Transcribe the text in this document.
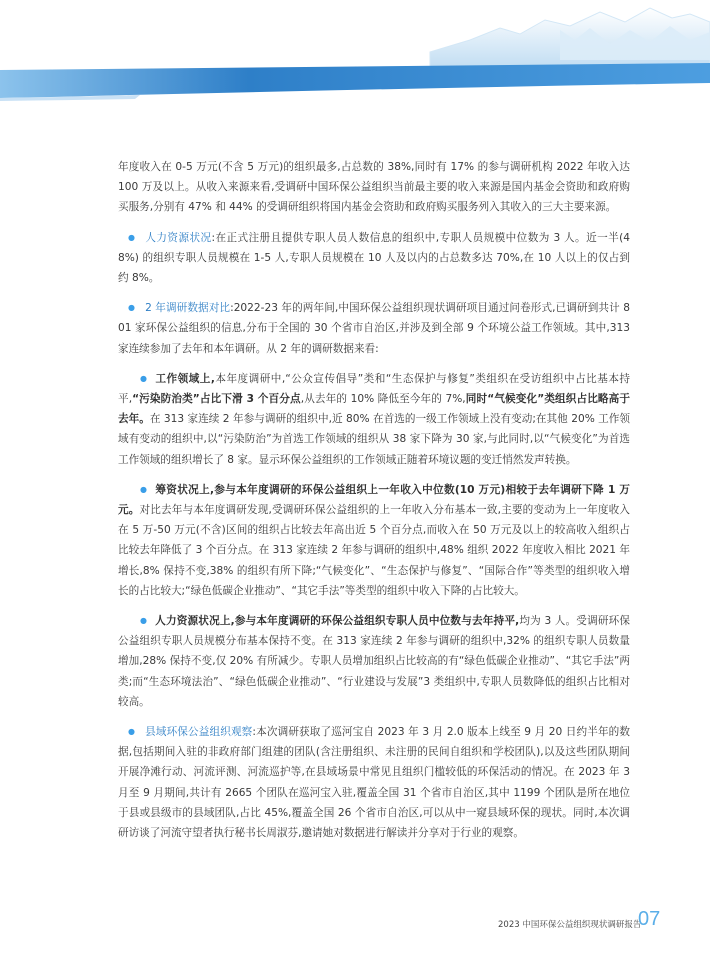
年度收入在 0-5 万元(不含 5 万元)的组织最多,占总数的 38%,同时有 17% 的参与调研机构 2022 年收入达 100 万及以上。从收入来源来看,受调研中国环保公益组织当前最主要的收入来源是国内基金会资助和政府购买服务,分别有 47% 和 44% 的受调研组织将国内基金会资助和政府购买服务列入其收入的三大主要来源。

● 人力资源状况:在正式注册且提供专职人员人数信息的组织中,专职人员规模中位数为 3 人。近一半(48%) 的组织专职人员规模在 1-5 人,专职人员规模在 10 人及以内的占总数多达 70%,在 10 人以上的仅占到约 8%。

● 2 年调研数据对比:2022-23 年的两年间,中国环保公益组织现状调研项目通过问卷形式,已调研到共计 801 家环保公益组织的信息,分布于全国的 30 个省市自治区,并涉及到全部 9 个环境公益工作领域。其中,313 家连续参加了去年和本年调研。从 2 年的调研数据来看:

● 工作领域上,本年度调研中,“公众宣传倡导”类和“生态保护与修复”类组织在受访组织中占比基本持平,“污染防治类”占比下滑 3 个百分点,从去年的 10% 降低至今年的 7%,同时“气候变化”类组织占比略高于去年。在 313 家连续 2 年参与调研的组织中,近 80% 在首选的一级工作领域上没有变动;在其他 20% 工作领域有变动的组织中,以“污染防治”为首选工作领域的组织从 38 家下降为 30 家,与此同时,以“气候变化”为首选工作领域的组织增长了 8 家。显示环保公益组织的工作领域正随着环境议题的变迁悄然发声转换。

● 筹资状况上,参与本年度调研的环保公益组织上一年收入中位数(10 万元)相较于去年调研下降 1 万元。对比去年与本年度调研发现,受调研环保公益组织的上一年收入分布基本一致,主要的变动为上一年度收入在 5 万-50 万元(不含)区间的组织占比较去年高出近 5 个百分点,而收入在 50 万元及以上的较高收入组织占比较去年降低了 3 个百分点。在 313 家连续 2 年参与调研的组织中,48% 组织 2022 年度收入相比 2021 年增长,8% 保持不变,38% 的组织有所下降;“气候变化”、“生态保护与修复”、“国际合作”等类型的组织收入增长的占比较大;“绿色低碳企业推动”、“其它手法”等类型的组织中收入下降的占比较大。

● 人力资源状况上,参与本年度调研的环保公益组织专职人员中位数与去年持平,均为 3 人。受调研环保公益组织专职人员规模分布基本保持不变。在 313 家连续 2 年参与调研的组织中,32% 的组织专职人员数量增加,28% 保持不变,仅 20% 有所减少。专职人员增加组织占比较高的有“绿色低碳企业推动”、“其它手法”两类;而“生态环境法治”、“绿色低碳企业推动”、“行业建设与发展”3 类组织中,专职人员数降低的组织占比相对较高。

● 县域环保公益组织观察:本次调研获取了巡河宝自 2023 年 3 月 2.0 版本上线至 9 月 20 日约半年的数据,包括期间入驻的非政府部门组建的团队(含注册组织、未注册的民间自组织和学校团队),以及这些团队期间开展净滩行动、河流评测、河流巡护等,在县域场景中常见且组织门槛较低的环保活动的情况。在 2023 年 3 月至 9 月期间,共计有 2665 个团队在巡河宝入驻,覆盖全国 31 个省市自治区,其中 1199 个团队是所在地位于县或县级市的县域团队,占比 45%,覆盖全国 26 个省市自治区,可以从中一窥县域环保的现状。同时,本次调研访谈了河流守望者执行秘书长周淑芬,邀请她对数据进行解读并分享对于行业的观察。

2023 中国环保公益组织现状调研报告
07
